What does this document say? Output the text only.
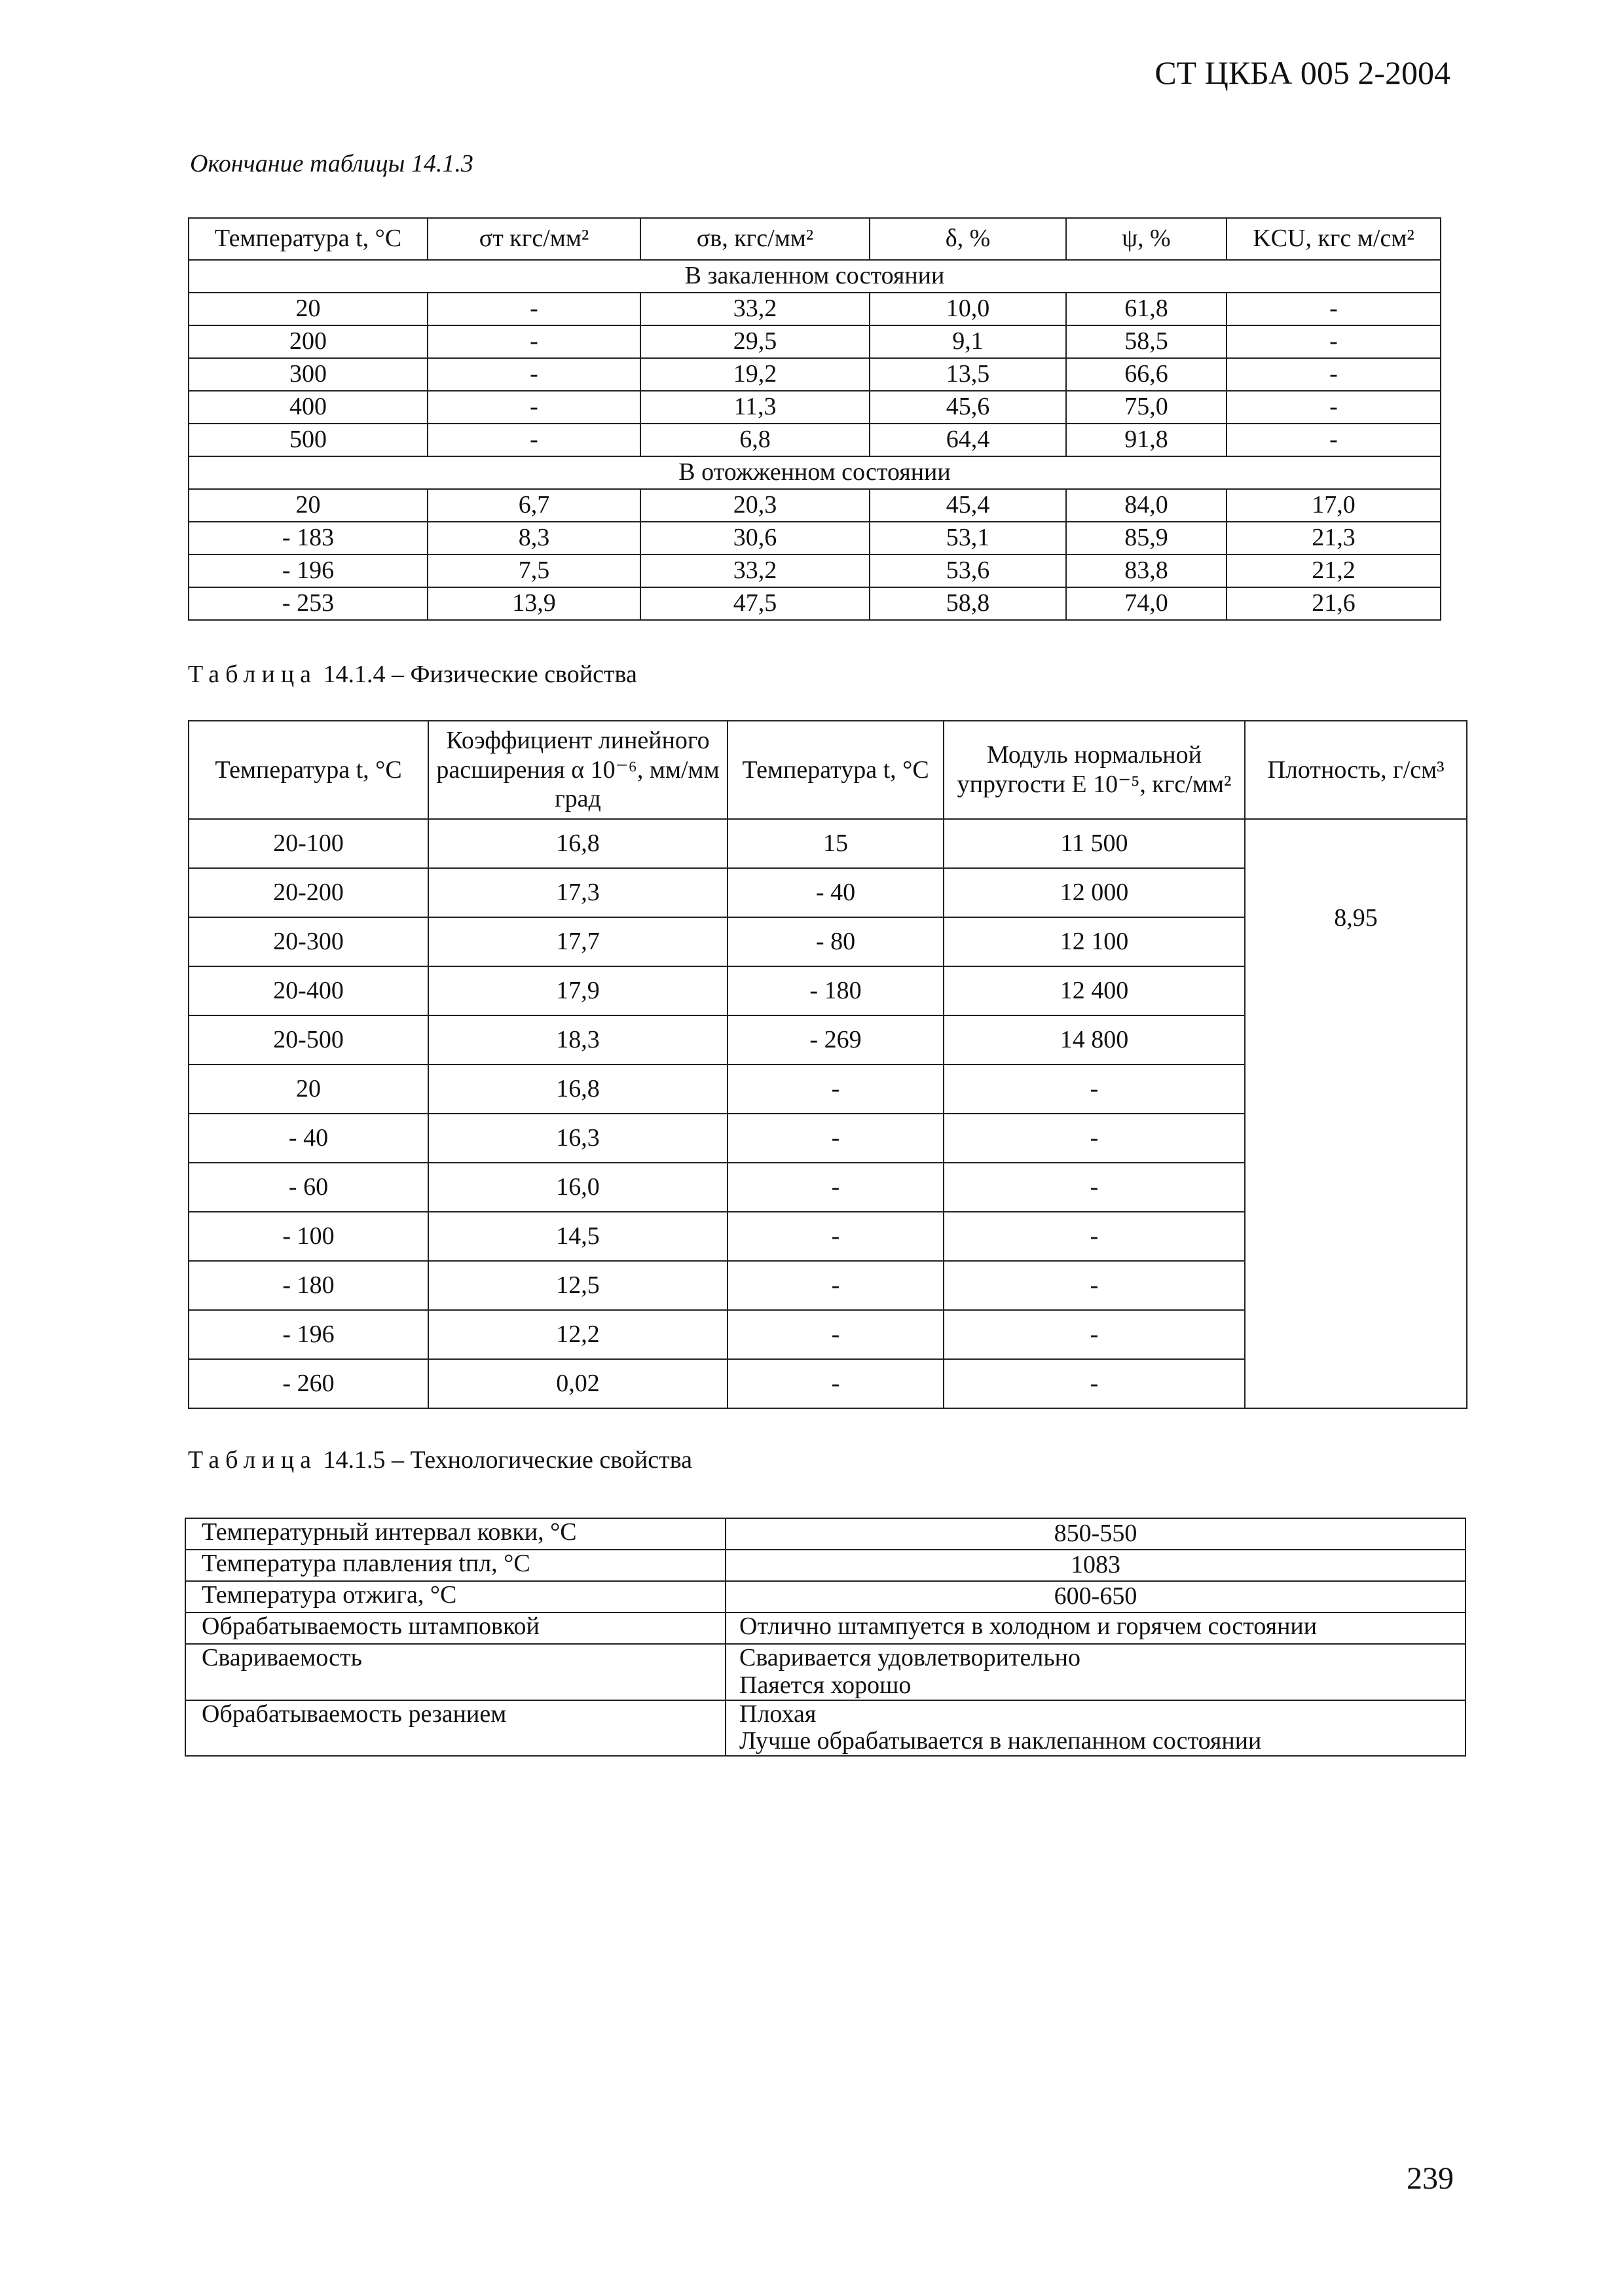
СТ ЦКБА 005 2-2004
Окончание таблицы 14.1.3
Температура t, °С	σт кгс/мм²	σв, кгс/мм²	δ, %	ψ, %	KCU, кгс м/см²
В закаленном состоянии					
20	-	33,2	10,0	61,8	-
200	-	29,5	9,1	58,5	-
300	-	19,2	13,5	66,6	-
400	-	11,3	45,6	75,0	-
500	-	6,8	64,4	91,8	-
В отожженном состоянии					
20	6,7	20,3	45,4	84,0	17,0
- 183	8,3	30,6	53,1	85,9	21,3
- 196	7,5	33,2	53,6	83,8	21,2
- 253	13,9	47,5	58,8	74,0	21,6
Таблица 14.1.4 – Физические свойства
Температура t, °С	Коэффициент линейного расширения α 10⁻⁶, мм/мм град	Температура t, °С	Модуль нормальной упругости Е 10⁻⁵, кгс/мм²	Плотность, г/см³
20-100	16,8	15	11 500	8,95
20-200	17,3	- 40	12 000	
20-300	17,7	- 80	12 100	
20-400	17,9	- 180	12 400	
20-500	18,3	- 269	14 800	
20	16,8	-	-	
- 40	16,3	-	-	
- 60	16,0	-	-	
- 100	14,5	-	-	
- 180	12,5	-	-	
- 196	12,2	-	-	
- 260	0,02	-	-	
Таблица 14.1.5 – Технологические свойства
Температурный интервал ковки, °С	850-550

Температура плавления tпл, °С	1083

Температура отжига, °С	600-650

Обрабатываемость штамповкой	Отлично штампуется в холодном и горячем состоянии

Свариваемость	Сваривается удовлетворительно
Паяется хорошо

Обрабатываемость резанием	Плохая
Лучше обрабатывается в наклепанном состоянии
239
